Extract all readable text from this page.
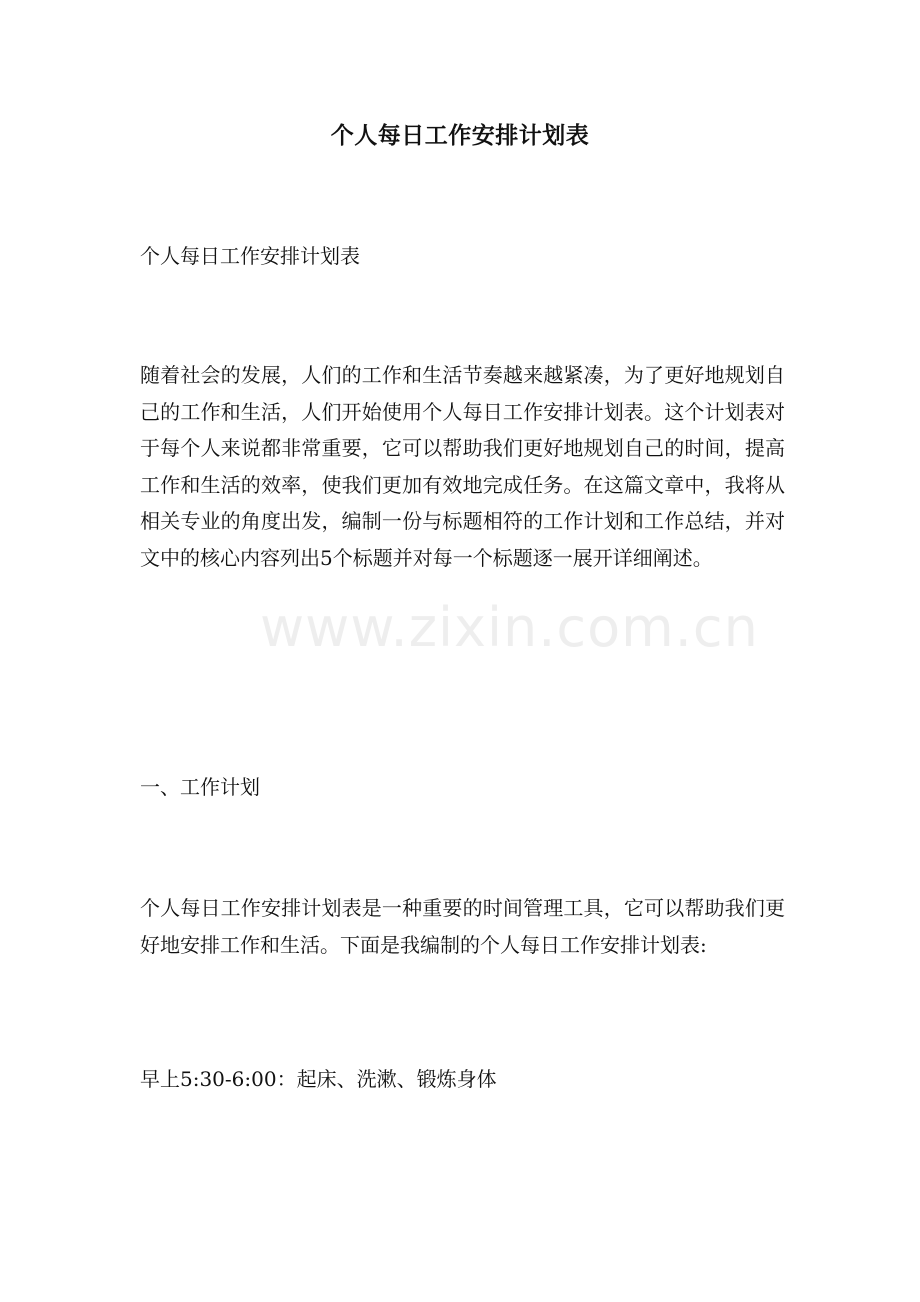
个人每日工作安排计划表
个人每日工作安排计划表
随着社会的发展，人们的工作和生活节奏越来越紧凑，为了更好地规划自己的工作和生活，人们开始使用个人每日工作安排计划表。这个计划表对于每个人来说都非常重要，它可以帮助我们更好地规划自己的时间，提高工作和生活的效率，使我们更加有效地完成任务。在这篇文章中，我将从相关专业的角度出发，编制一份与标题相符的工作计划和工作总结，并对文中的核心内容列出5个标题并对每一个标题逐一展开详细阐述。
一、工作计划
个人每日工作安排计划表是一种重要的时间管理工具，它可以帮助我们更好地安排工作和生活。下面是我编制的个人每日工作安排计划表:
早上5:30-6:00：起床、洗漱、锻炼身体
www.zixin.com.cn
